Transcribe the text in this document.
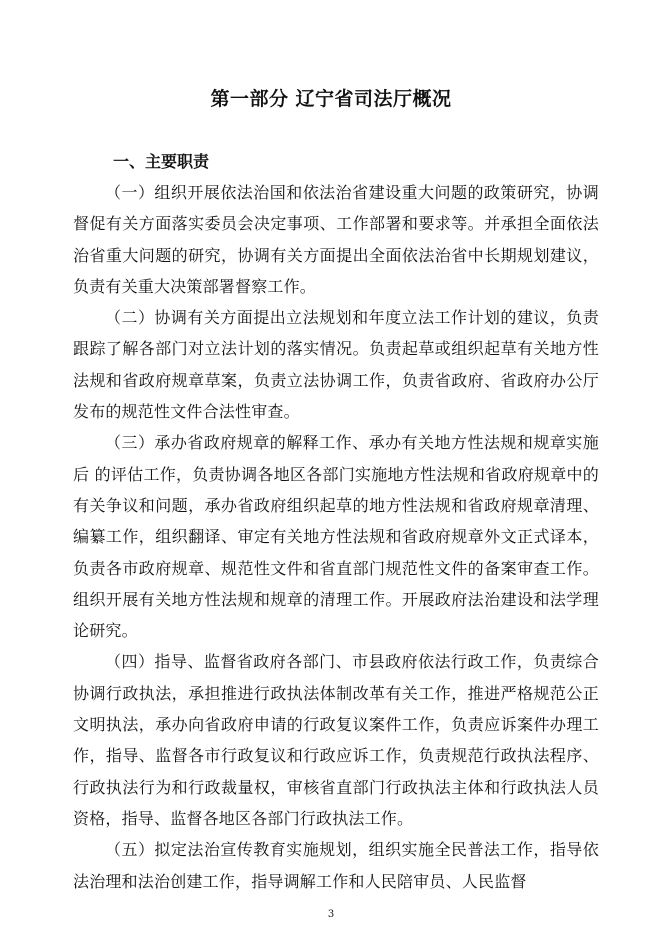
第一部分 辽宁省司法厅概况
一、主要职责

（一）组织开展依法治国和依法治省建设重大问题的政策研究，协调督促有关方面落实委员会决定事项、工作部署和要求等。并承担全面依法治省重大问题的研究，协调有关方面提出全面依法治省中长期规划建议，负责有关重大决策部署督察工作。

（二）协调有关方面提出立法规划和年度立法工作计划的建议，负责跟踪了解各部门对立法计划的落实情况。负责起草或组织起草有关地方性法规和省政府规章草案，负责立法协调工作，负责省政府、省政府办公厅发布的规范性文件合法性审查。

（三）承办省政府规章的解释工作、承办有关地方性法规和规章实施后 的评估工作，负责协调各地区各部门实施地方性法规和省政府规章中的有关争议和问题，承办省政府组织起草的地方性法规和省政府规章清理、编纂工作，组织翻译、审定有关地方性法规和省政府规章外文正式译本，负责各市政府规章、规范性文件和省直部门规范性文件的备案审查工作。组织开展有关地方性法规和规章的清理工作。开展政府法治建设和法学理论研究。

（四）指导、监督省政府各部门、市县政府依法行政工作，负责综合协调行政执法，承担推进行政执法体制改革有关工作，推进严格规范公正文明执法，承办向省政府申请的行政复议案件工作，负责应诉案件办理工作，指导、监督各市行政复议和行政应诉工作，负责规范行政执法程序、行政执法行为和行政裁量权，审核省直部门行政执法主体和行政执法人员资格，指导、监督各地区各部门行政执法工作。

（五）拟定法治宣传教育实施规划，组织实施全民普法工作，指导依法治理和法治创建工作，指导调解工作和人民陪审员、人民监督

3
